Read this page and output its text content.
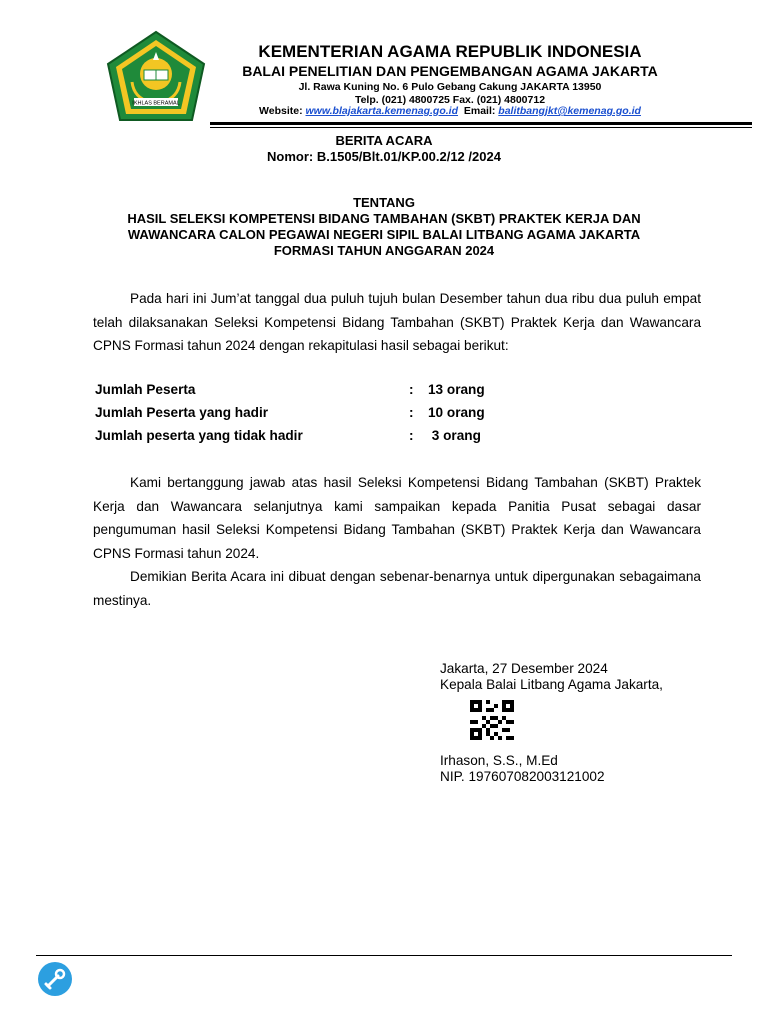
IKHLAS BERAMAL
KEMENTERIAN AGAMA REPUBLIK INDONESIA
BALAI PENELITIAN DAN PENGEMBANGAN AGAMA JAKARTA
Jl. Rawa Kuning No. 6 Pulo Gebang Cakung JAKARTA 13950
Telp. (021) 4800725 Fax. (021) 4800712
Website: www.blajakarta.kemenag.go.id Email: balitbangjkt@kemenag.go.id
BERITA ACARA
Nomor: B.1505/Blt.01/KP.00.2/12 /2024
TENTANG
HASIL SELEKSI KOMPETENSI BIDANG TAMBAHAN (SKBT) PRAKTEK KERJA DAN
WAWANCARA CALON PEGAWAI NEGERI SIPIL BALAI LITBANG AGAMA JAKARTA
FORMASI TAHUN ANGGARAN 2024
Pada hari ini Jum’at tanggal dua puluh tujuh bulan Desember tahun dua ribu dua puluh empat telah dilaksanakan Seleksi Kompetensi Bidang Tambahan (SKBT) Praktek Kerja dan Wawancara CPNS Formasi tahun 2024 dengan rekapitulasi hasil sebagai berikut:
Jumlah Peserta	: 13 orang
Jumlah Peserta yang hadir	: 10 orang
Jumlah peserta yang tidak hadir	: 3 orang
Kami bertanggung jawab atas hasil Seleksi Kompetensi Bidang Tambahan (SKBT) Praktek Kerja dan Wawancara selanjutnya kami sampaikan kepada Panitia Pusat sebagai dasar pengumuman hasil Seleksi Kompetensi Bidang Tambahan (SKBT) Praktek Kerja dan Wawancara CPNS Formasi tahun 2024.
Demikian Berita Acara ini dibuat dengan sebenar-benarnya untuk dipergunakan sebagaimana mestinya.
Jakarta, 27 Desember 2024
Kepala Balai Litbang Agama Jakarta,
Irhason, S.S., M.Ed
NIP. 197607082003121002
